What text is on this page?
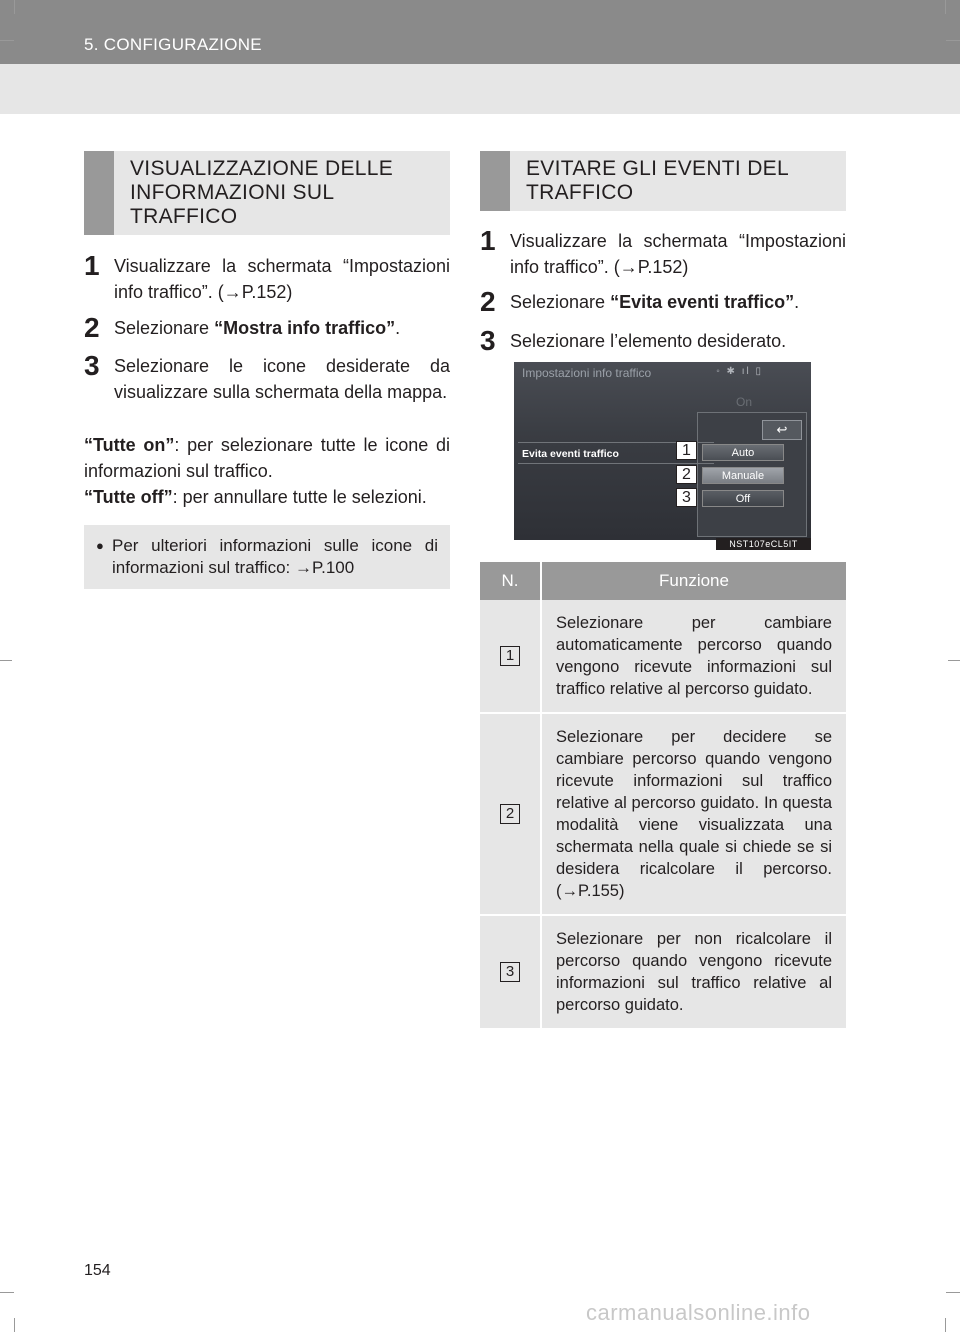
5. CONFIGURAZIONE
VISUALIZZAZIONE DELLE INFORMAZIONI SUL TRAFFICO
1 Visualizzare la schermata “Impostazioni info traffico”. (→P.152)
2 Selezionare “Mostra info traffico”.
3 Selezionare le icone desiderate da visualizzare sulla schermata della mappa.
“Tutte on”: per selezionare tutte le icone di informazioni sul traffico.
“Tutte off”: per annullare tutte le selezioni.
● Per ulteriori informazioni sulle icone di informazioni sul traffico: →P.100
EVITARE GLI EVENTI DEL TRAFFICO
1 Visualizzare la schermata “Impostazioni info traffico”. (→P.152)
2 Selezionare “Evita eventi traffico”.
3 Selezionare l’elemento desiderato.
Impostazioni info traffico	◦ ✱ ıl ▯
On
↩
Evita eventi traffico	Auto
Manuale
Off
1
2
3
NST107eCL5IT
N.	Funzione
1	Selezionare per cambiare automaticamente percorso quando vengono ricevute informazioni sul traffico relative al percorso guidato.
2	Selezionare per decidere se cambiare percorso quando vengono ricevute informazioni sul traffico relative al percorso guidato. In questa modalità viene visualizzata una schermata nella quale si chiede se si desidera ricalcolare il percorso. (→P.155)
3	Selezionare per non ricalcolare il percorso quando vengono ricevute informazioni sul traffico relative al percorso guidato.
154
carmanualsonline.info
